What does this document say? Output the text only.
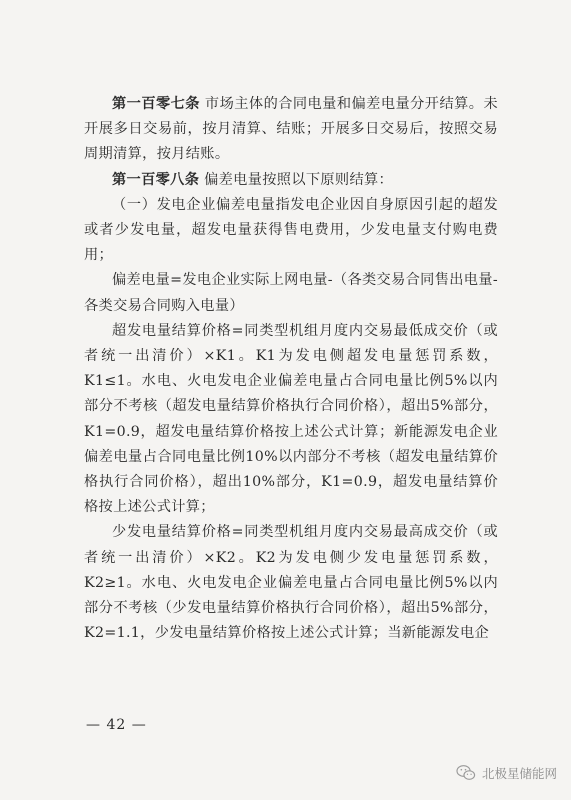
第一百零七条 市场主体的合同电量和偏差电量分开结算。未开展多日交易前，按月清算、结账；开展多日交易后，按照交易周期清算，按月结账。

第一百零八条 偏差电量按照以下原则结算：

（一）发电企业偏差电量指发电企业因自身原因引起的超发或者少发电量，超发电量获得售电费用，少发电量支付购电费用；

偏差电量=发电企业实际上网电量-（各类交易合同售出电量-各类交易合同购入电量）

超发电量结算价格=同类型机组月度内交易最低成交价（或者统一出清价）×K1。K1为发电侧超发电量惩罚系数，K1≤1。水电、火电发电企业偏差电量占合同电量比例5%以内部分不考核（超发电量结算价格执行合同价格），超出5%部分，K1=0.9，超发电量结算价格按上述公式计算；新能源发电企业偏差电量占合同电量比例10%以内部分不考核（超发电量结算价格执行合同价格），超出10%部分，K1=0.9，超发电量结算价格按上述公式计算；

少发电量结算价格=同类型机组月度内交易最高成交价（或者统一出清价）×K2。K2为发电侧少发电量惩罚系数，K2≥1。水电、火电发电企业偏差电量占合同电量比例5%以内部分不考核（少发电量结算价格执行合同价格），超出5%部分，K2=1.1，少发电量结算价格按上述公式计算；当新能源发电企

— 42 —
北极星储能网
